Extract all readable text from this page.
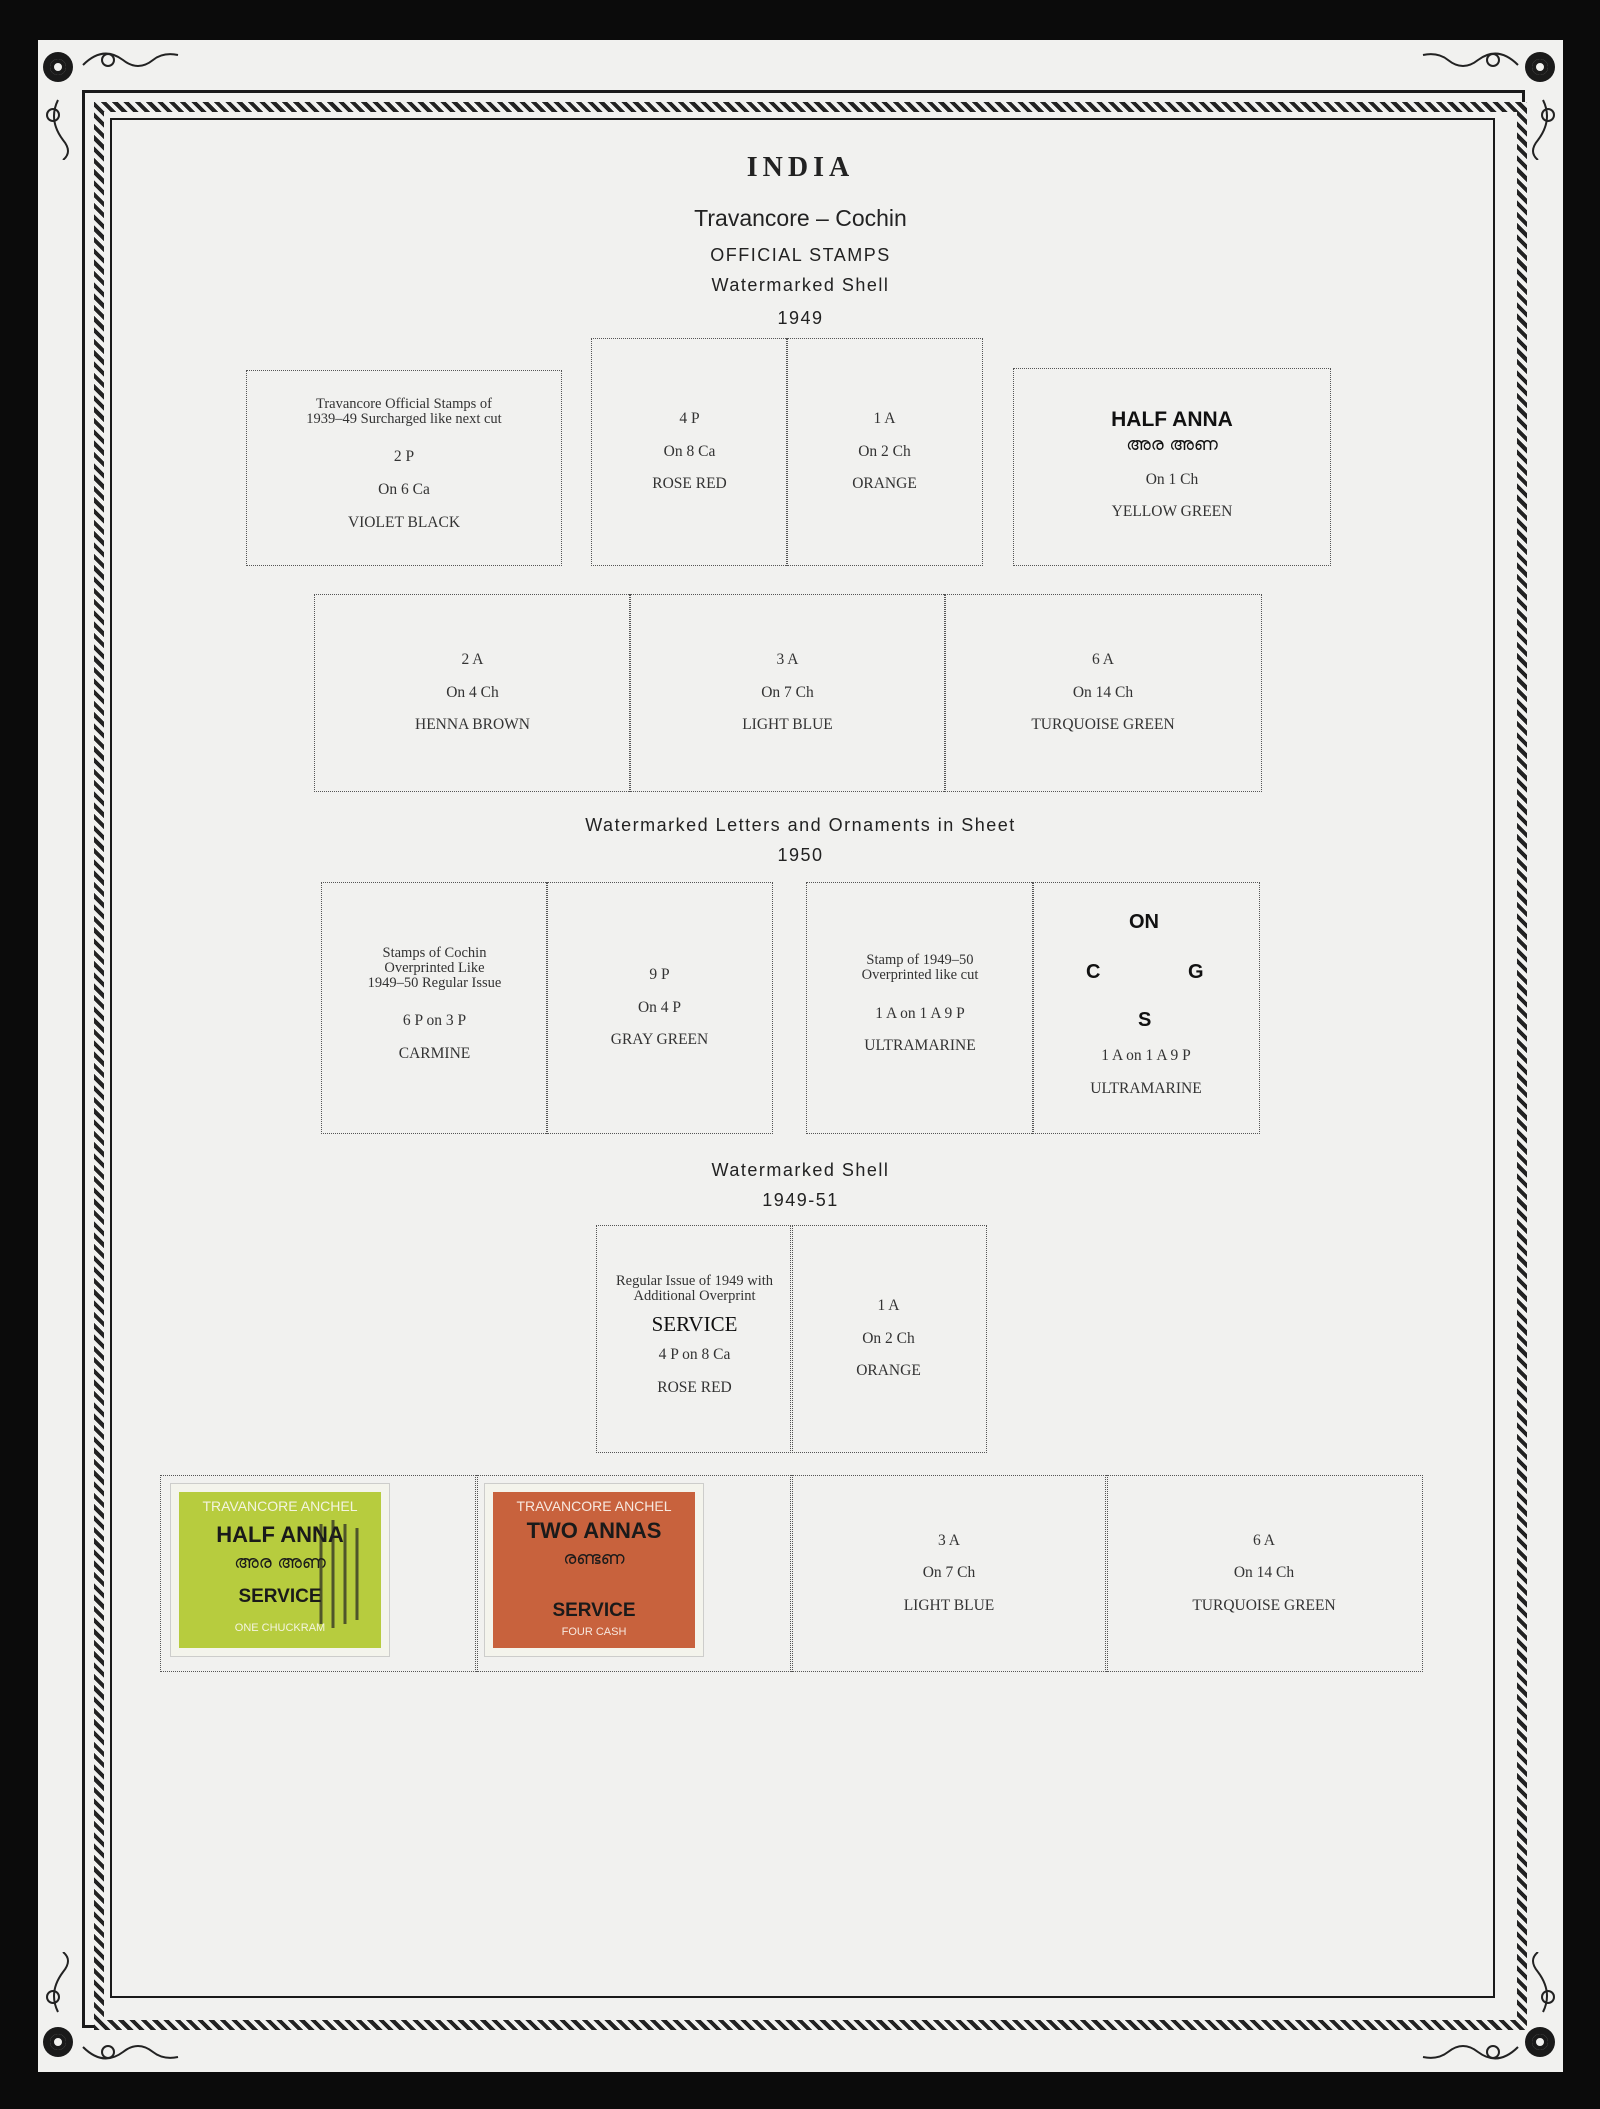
INDIA
Travancore – Cochin
OFFICIAL STAMPS
Watermarked Shell
1949
Travancore Official Stamps of 1939–49 Surcharged like next cut
2 P
On 6 Ca
VIOLET BLACK
4 P
On 8 Ca
ROSE RED
1 A
On 2 Ch
ORANGE
HALF ANNA
അര അണ
On 1 Ch
YELLOW GREEN
2 A
On 4 Ch
HENNA BROWN
3 A
On 7 Ch
LIGHT BLUE
6 A
On 14 Ch
TURQUOISE GREEN
Watermarked Letters and Ornaments in Sheet
1950
Stamps of Cochin Overprinted Like 1949–50 Regular Issue
6 P on 3 P
CARMINE
9 P
On 4 P
GRAY GREEN
Stamp of 1949–50 Overprinted like cut
1 A on 1 A 9 P
ULTRAMARINE
ON
C	G
S
1 A on 1 A 9 P
ULTRAMARINE
Watermarked Shell
1949-51
Regular Issue of 1949 with Additional Overprint
SERVICE
4 P on 8 Ca
ROSE RED
1 A
On 2 Ch
ORANGE
3 A
On 7 Ch
LIGHT BLUE
6 A
On 14 Ch
TURQUOISE GREEN
TRAVANCORE ANCHEL
HALF ANNA
അര അണ
SERVICE
ONE CHUCKRAM
TRAVANCORE ANCHEL
TWO ANNAS
രണ്ടണ
SERVICE
FOUR CASH
